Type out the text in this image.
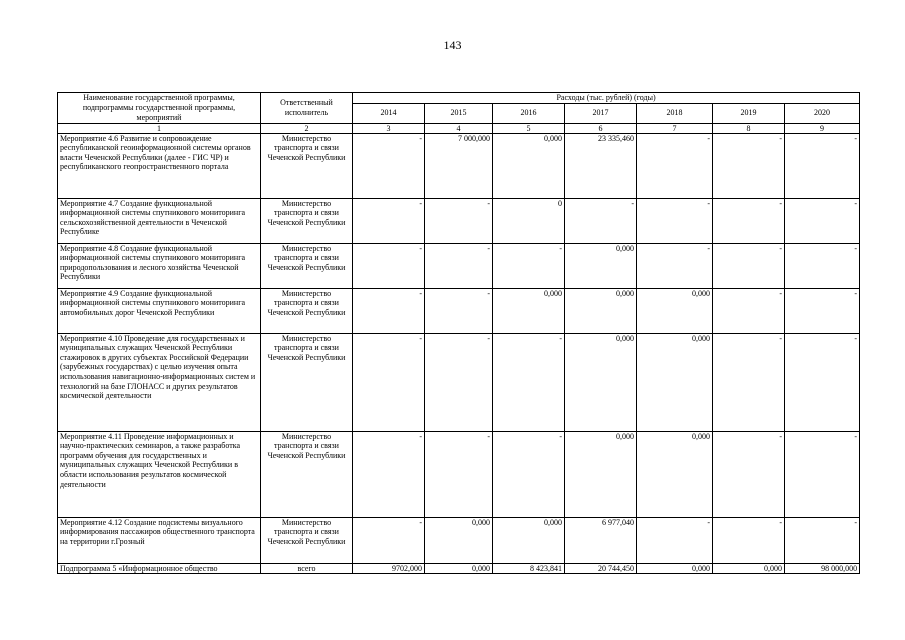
143
Наименование государственной программы, подпрограммы государственной программы, мероприятий	Ответственный исполнитель	Расходы (тыс. рублей) (годы)						
		2014	2015	2016	2017	2018	2019	2020
1	2	3	4	5	6	7	8	9
Мероприятие 4.6 Развитие и сопровождение республиканской геоинформационной системы органов власти Чеченской Республики (далее - ГИС ЧР) и республиканского геопространственного портала	Министерство транспорта и связи Чеченской Республики	-	7 000,000	0,000	23 335,460	-	-	-
Мероприятие 4.7 Создание функциональной информационной системы спутникового мониторинга сельскохозяйственной деятельности в Чеченской Республике	Министерство транспорта и связи Чеченской Республики	-	-	0	-	-	-	-
Мероприятие 4.8 Создание функциональной информационной системы спутникового мониторинга природопользования и лесного хозяйства Чеченской Республики	Министерство транспорта и связи Чеченской Республики	-	-	-	0,000	-	-	-
Мероприятие 4.9 Создание функциональной информационной системы спутникового мониторинга автомобильных дорог Чеченской Республики	Министерство транспорта и связи Чеченской Республики	-	-	0,000	0,000	0,000	-	-
Мероприятие 4.10 Проведение для государственных и муниципальных служащих Чеченской Республики стажировок в других субъектах Российской Федерации (зарубежных государствах) с целью изучения опыта использования навигационно-информационных систем и технологий на базе ГЛОНАСС и других результатов космической деятельности	Министерство транспорта и связи Чеченской Республики	-	-	-	0,000	0,000	-	-
Мероприятие 4.11 Проведение информационных и научно-практических семинаров, а также разработка программ обучения для государственных и муниципальных служащих Чеченской Республики в области использования результатов космической деятельности	Министерство транспорта и связи Чеченской Республики	-	-	-	0,000	0,000	-	-
Мероприятие 4.12 Создание подсистемы визуального информирования пассажиров общественного транспорта на территории г.Грозный	Министерство транспорта и связи Чеченской Республики	-	0,000	0,000	6 977,040	-	-	-
Подпрограмма 5 «Информационное общество	всего	9702,000	0,000	8 423,841	20 744,450	0,000	0,000	98 000,000
